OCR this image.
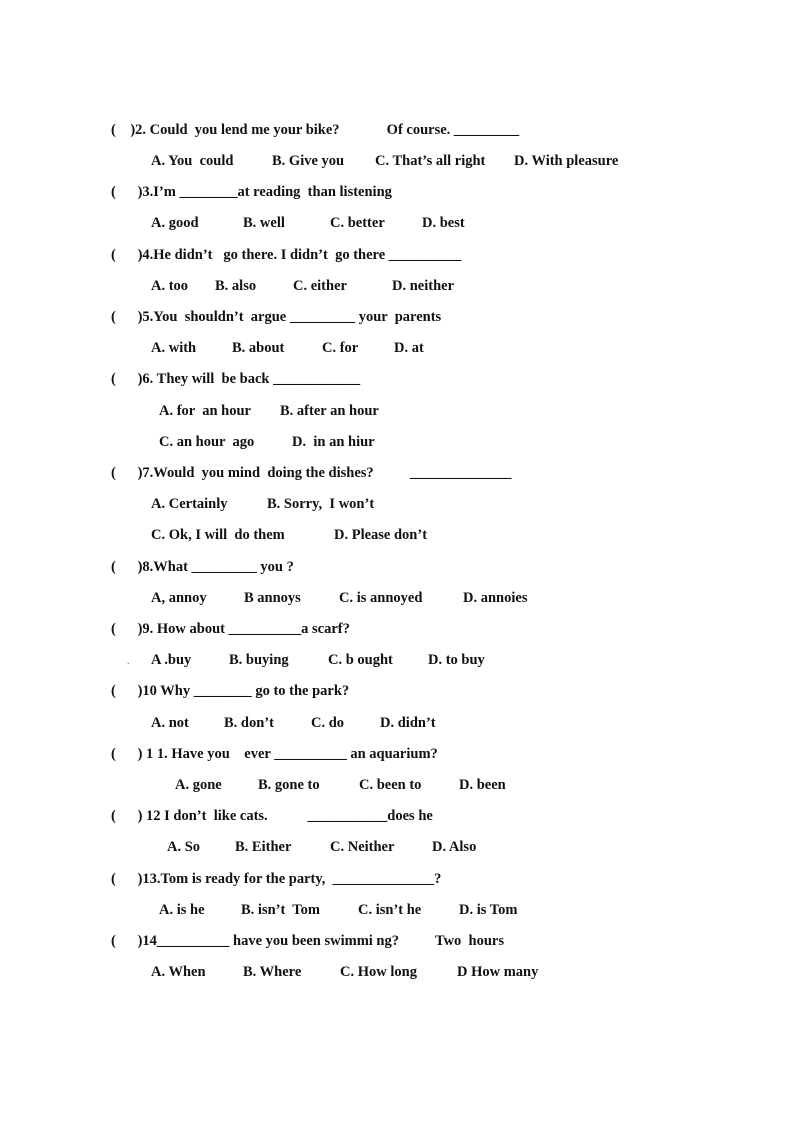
(    )2. Could  you lend me your bike?             Of course. _________
A. You  could	B. Give you C. That’s all right D. With pleasure
(      )3.I’m ________at reading  than listening
A. good	B. well	C. better	D. best
(      )4.He didn’t   go there. I didn’t  go there __________
A. too B. also	C. either	D. neither
(      )5.You  shouldn’t  argue _________ your  parents
A. with B. about	C. for D. at
(      )6. They will  be back ____________
A. for  an hour B. after an hour
C. an hour  ago	D.  in an hiur
(      )7.Would  you mind  doing the dishes?          ______________
A. Certainly	B. Sorry,  I won’t
C. Ok, I will  do them	D. Please don’t
(      )8.What _________ you ?
A, annoy	B annoys	C. is annoyed	D. annoies
(      )9. How about __________a scarf?
A .buy	B. buying	C. b ought D. to buy
(      )10 Why ________ go to the park?
A. not B. don’t	C. do D. didn’t
(      ) 1 1. Have you    ever __________ an aquarium?
A. gone	B. gone to	C. been to	D. been
(      ) 12 I don’t  like cats.           ___________does he
A. So B. Either	C. Neither	D. Also
(      )13.Tom is ready for the party,  ______________?
A. is he	B. isn’t  Tom	C. isn’t he	D. is Tom
(      )14__________ have you been swimmi ng?          Two  hours
A. When	B. Where	C. How long	D How many
.
